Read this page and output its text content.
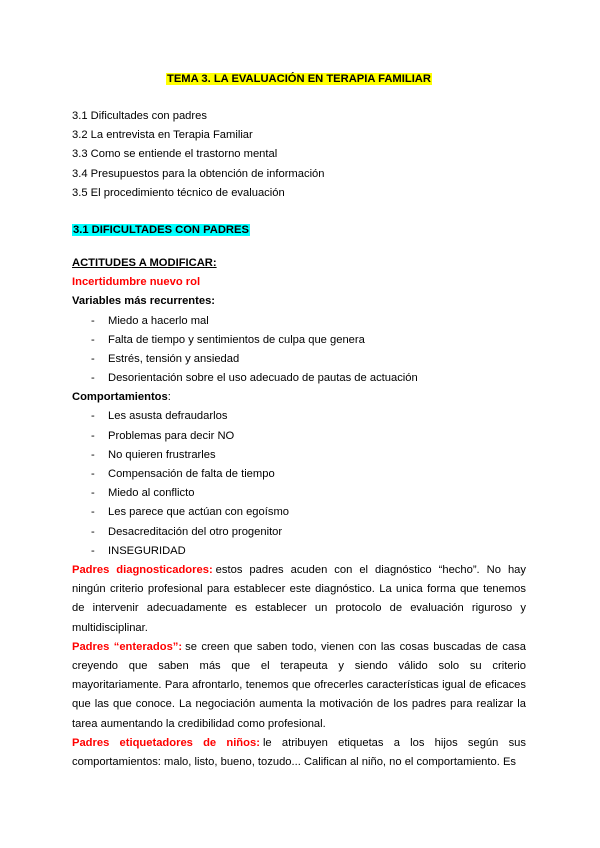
TEMA 3. LA EVALUACIÓN EN TERAPIA FAMILIAR
3.1 Dificultades con padres
3.2 La entrevista en Terapia Familiar
3.3 Como se entiende el trastorno mental
3.4 Presupuestos para la obtención de información
3.5 El procedimiento técnico de evaluación
3.1 DIFICULTADES CON PADRES
ACTITUDES A MODIFICAR:
Incertidumbre nuevo rol
Variables más recurrentes:
- Miedo a hacerlo mal
- Falta de tiempo y sentimientos de culpa que genera
- Estrés, tensión y ansiedad
- Desorientación sobre el uso adecuado de pautas de actuación
Comportamientos:
- Les asusta defraudarlos
- Problemas para decir NO
- No quieren frustrarles
- Compensación de falta de tiempo
- Miedo al conflicto
- Les parece que actúan con egoísmo
- Desacreditación del otro progenitor
- INSEGURIDAD

Padres diagnosticadores: estos padres acuden con el diagnóstico “hecho”. No hay ningún criterio profesional para establecer este diagnóstico. La unica forma que tenemos de intervenir adecuadamente es establecer un protocolo de evaluación riguroso y multidisciplinar.

Padres “enterados”: se creen que saben todo, vienen con las cosas buscadas de casa creyendo que saben más que el terapeuta y siendo válido solo su criterio mayoritariamente. Para afrontarlo, tenemos que ofrecerles características igual de eficaces que las que conoce. La negociación aumenta la motivación de los padres para realizar la tarea aumentando la credibilidad como profesional.

Padres etiquetadores de niños: le atribuyen etiquetas a los hijos según sus comportamientos: malo, listo, bueno, tozudo... Califican al niño, no el comportamiento. Es
